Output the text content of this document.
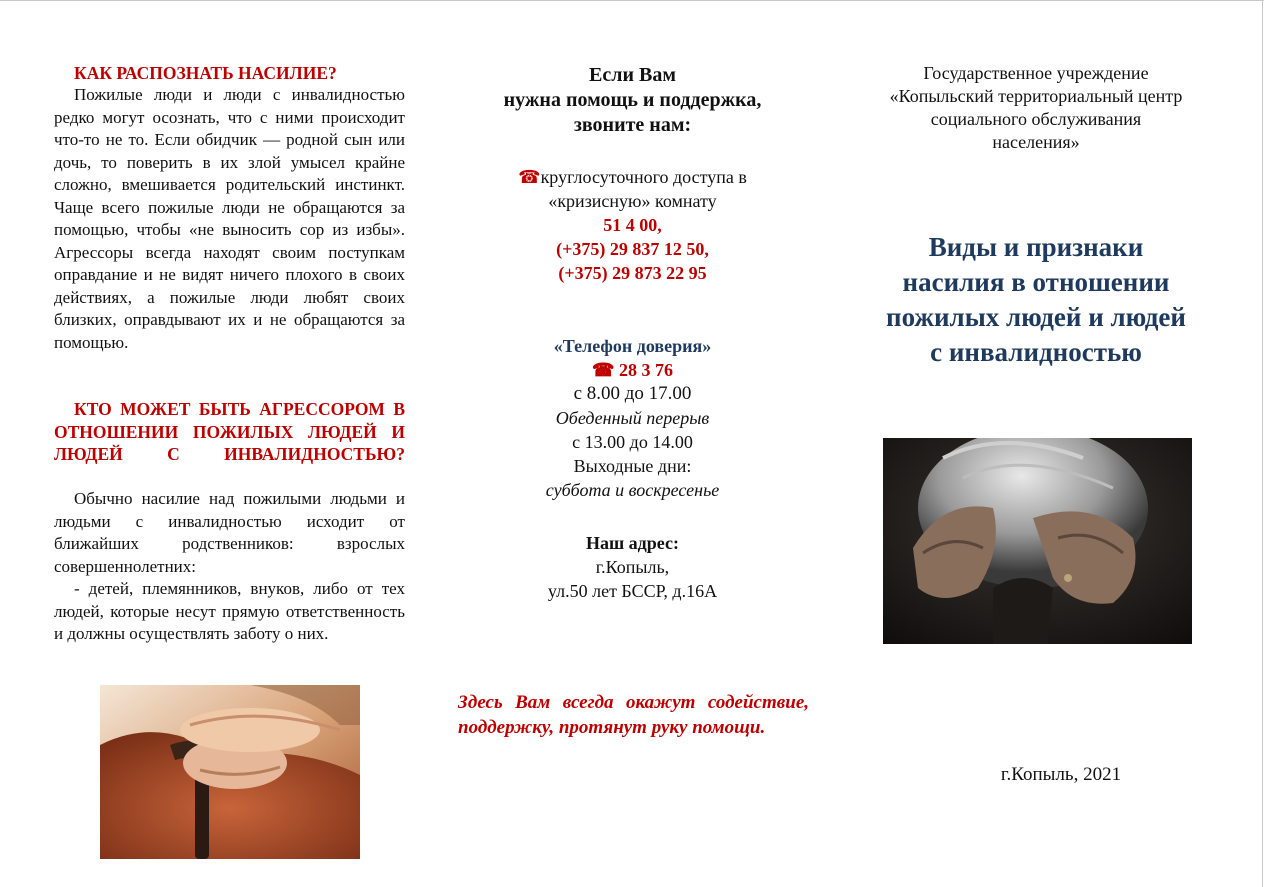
КАК РАСПОЗНАТЬ НАСИЛИЕ?

Пожилые люди и люди с инвалидностью редко могут осознать, что с ними происходит что-то не то. Если обидчик — родной сын или дочь, то поверить в их злой умысел крайне сложно, вмешивается родительский инстинкт. Чаще всего пожилые люди не обращаются за помощью, чтобы «не выносить сор из избы». Агрессоры всегда находят своим поступкам оправдание и не видят ничего плохого в своих действиях, а пожилые люди любят своих близких, оправдывают их и не обращаются за помощью.

КТО МОЖЕТ БЫТЬ АГРЕССОРОМ В ОТНОШЕНИИ ПОЖИЛЫХ ЛЮДЕЙ И ЛЮДЕЙ С ИНВАЛИДНОСТЬЮ?

Обычно насилие над пожилыми людьми и людьми с инвалидностью исходит от ближайших родственников: взрослых совершеннолетних:

- детей, племянников, внуков, либо от тех людей, которые несут прямую ответственность и должны осуществлять заботу о них.

Если Вам
нужна помощь и поддержка,
звоните нам:
☎круглосуточного доступа в
«кризисную» комнату
51 4 00,
(+375) 29 837 12 50,
(+375) 29 873 22 95
«Телефон доверия»
☎ 28 3 76
с 8.00 до 17.00
Обеденный перерыв
с 13.00 до 14.00
Выходные дни:
суббота и воскресенье
Наш адрес:
г.Копыль,
ул.50 лет БССР, д.16А
Здесь Вам всегда окажут содействие, поддержку, протянут руку помощи.
Государственное учреждение
«Копыльский территориальный центр
социального обслуживания
населения»
Виды и признаки
насилия в отношении
пожилых людей и людей
с инвалидностью
г.Копыль, 2021
